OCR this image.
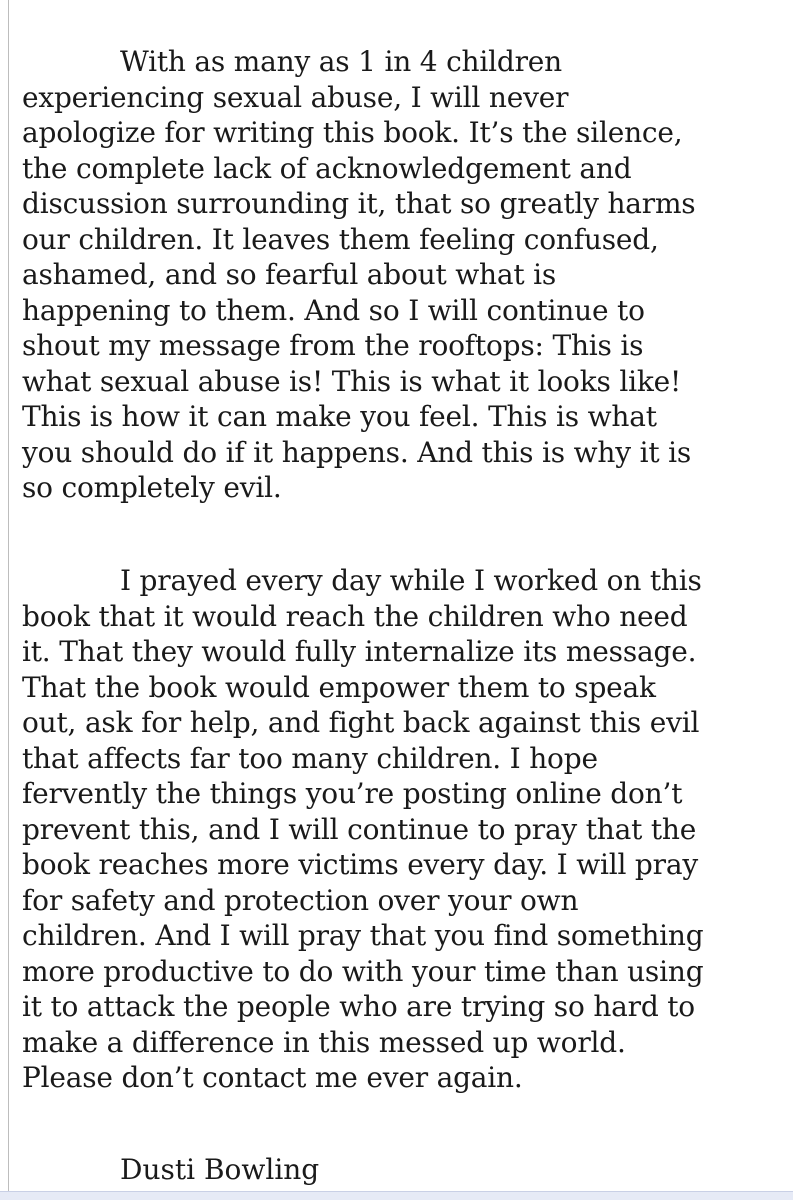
With as many as 1 in 4 children
experiencing sexual abuse, I will never
apologize for writing this book. It’s the silence,
the complete lack of acknowledgement and
discussion surrounding it, that so greatly harms
our children. It leaves them feeling confused,
ashamed, and so fearful about what is
happening to them. And so I will continue to
shout my message from the rooftops: This is
what sexual abuse is! This is what it looks like!
This is how it can make you feel. This is what
you should do if it happens. And this is why it is
so completely evil.

I prayed every day while I worked on this
book that it would reach the children who need
it. That they would fully internalize its message.
That the book would empower them to speak
out, ask for help, and fight back against this evil
that affects far too many children. I hope
fervently the things you’re posting online don’t
prevent this, and I will continue to pray that the
book reaches more victims every day. I will pray
for safety and protection over your own
children. And I will pray that you find something
more productive to do with your time than using
it to attack the people who are trying so hard to
make a difference in this messed up world.
Please don’t contact me ever again.

Dusti Bowling
